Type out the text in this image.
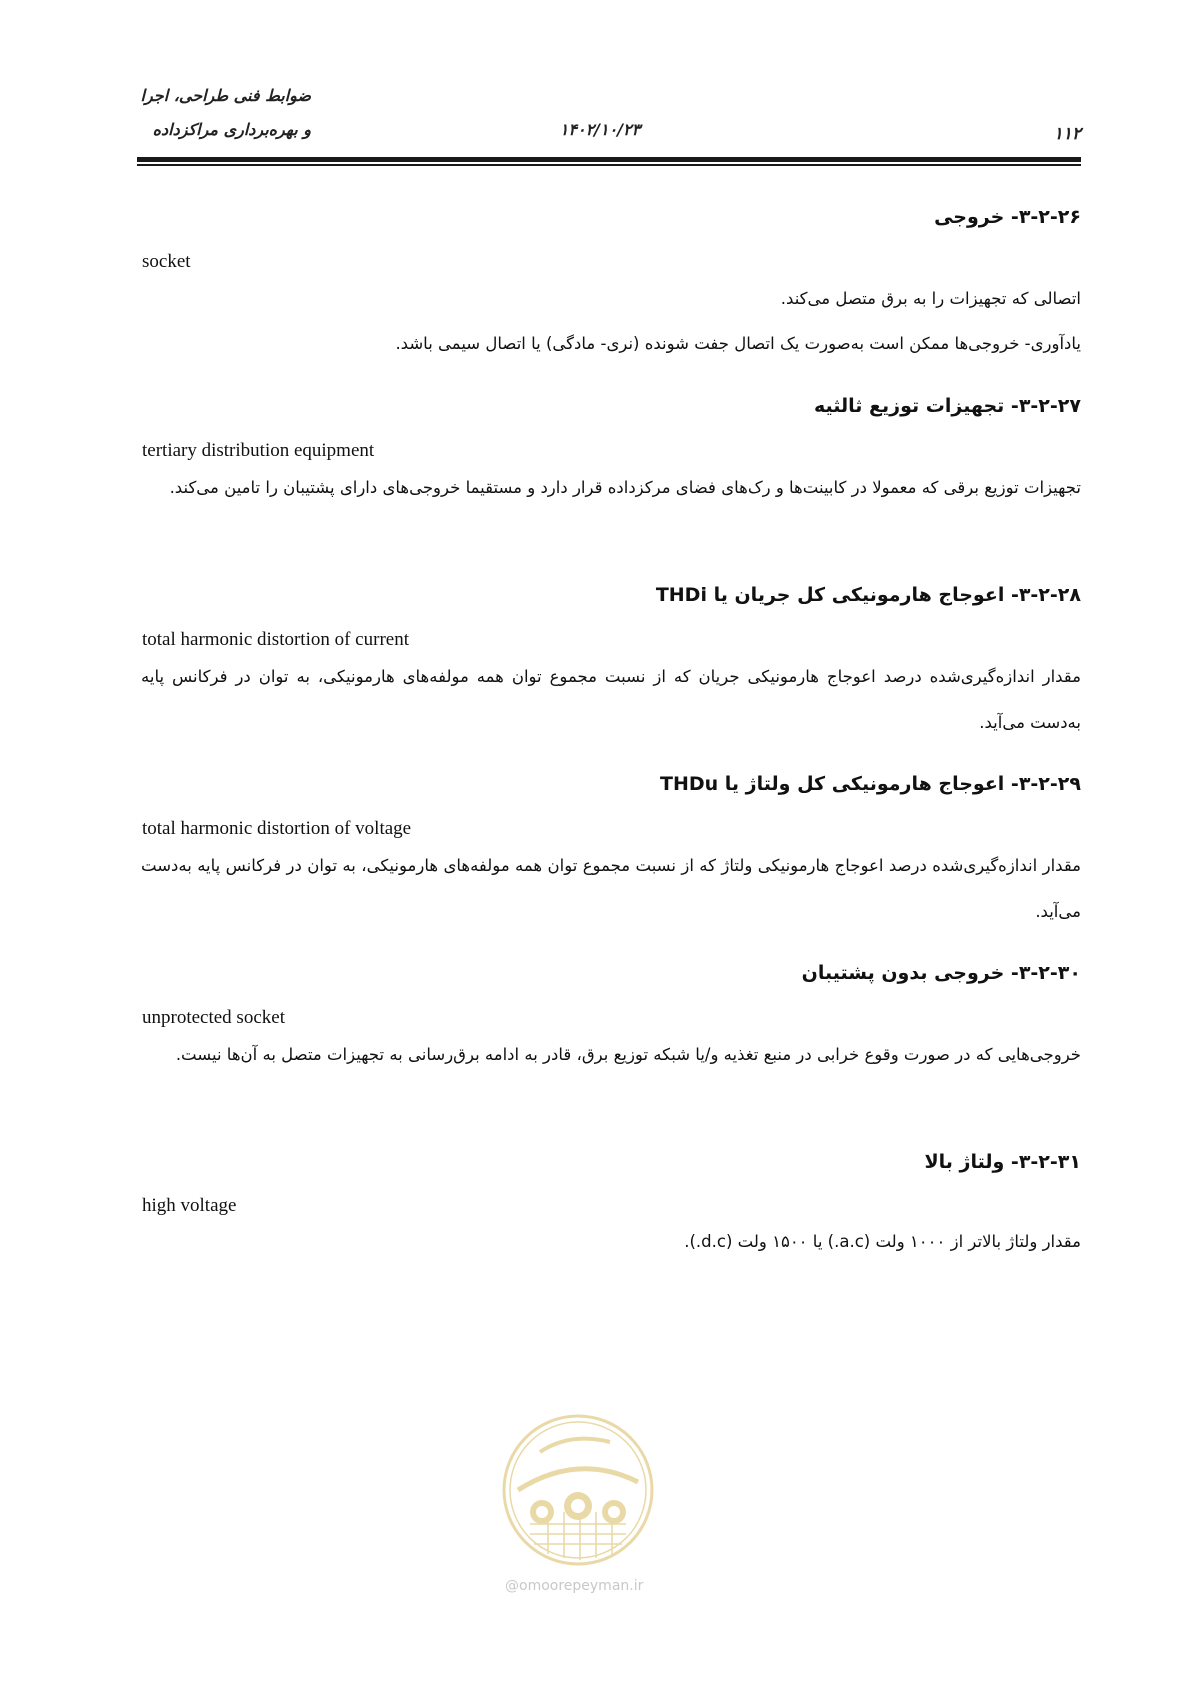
ضوابط فنی طراحی، اجرا
و بهره‌برداری مراکزداده	۱۴۰۲/۱۰/۲۳	۱۱۲
۳-۲-۲۶- خروجی
socket
اتصالی که تجهیزات را به برق متصل می‌کند.
یادآوری- خروجی‌ها ممکن است به‌صورت یک اتصال جفت شونده (نری- مادگی) یا اتصال سیمی باشد.
۳-۲-۲۷- تجهیزات توزیع ثالثیه
tertiary distribution equipment
تجهیزات توزیع برقی که معمولا در کابینت‌ها و رک‌های فضای مرکزداده قرار دارد و مستقیما خروجی‌های دارای پشتیبان را تامین می‌کند.
۳-۲-۲۸- اعوجاج هارمونیکی کل جریان یا THDi
total harmonic distortion of current
مقدار اندازه‌گیری‌شده درصد اعوجاج هارمونیکی جریان که از نسبت مجموع توان همه مولفه‌های هارمونیکی، به توان در فرکانس پایه به‌دست می‌آید.
۳-۲-۲۹- اعوجاج هارمونیکی کل ولتاژ یا THDu
total harmonic distortion of voltage
مقدار اندازه‌گیری‌شده درصد اعوجاج هارمونیکی ولتاژ که از نسبت مجموع توان همه مولفه‌های هارمونیکی، به توان در فرکانس پایه به‌دست می‌آید.
۳-۲-۳۰- خروجی بدون پشتیبان
unprotected socket
خروجی‌هایی که در صورت وقوع خرابی در منبع تغذیه و/یا شبکه توزیع برق، قادر به ادامه برق‌رسانی به تجهیزات متصل به آن‌ها نیست.
۳-۲-۳۱- ولتاژ بالا
high voltage
مقدار ولتاژ بالاتر از ۱۰۰۰ ولت (a.c.) یا ۱۵۰۰ ولت (d.c.).
@omoorepeyman.ir
